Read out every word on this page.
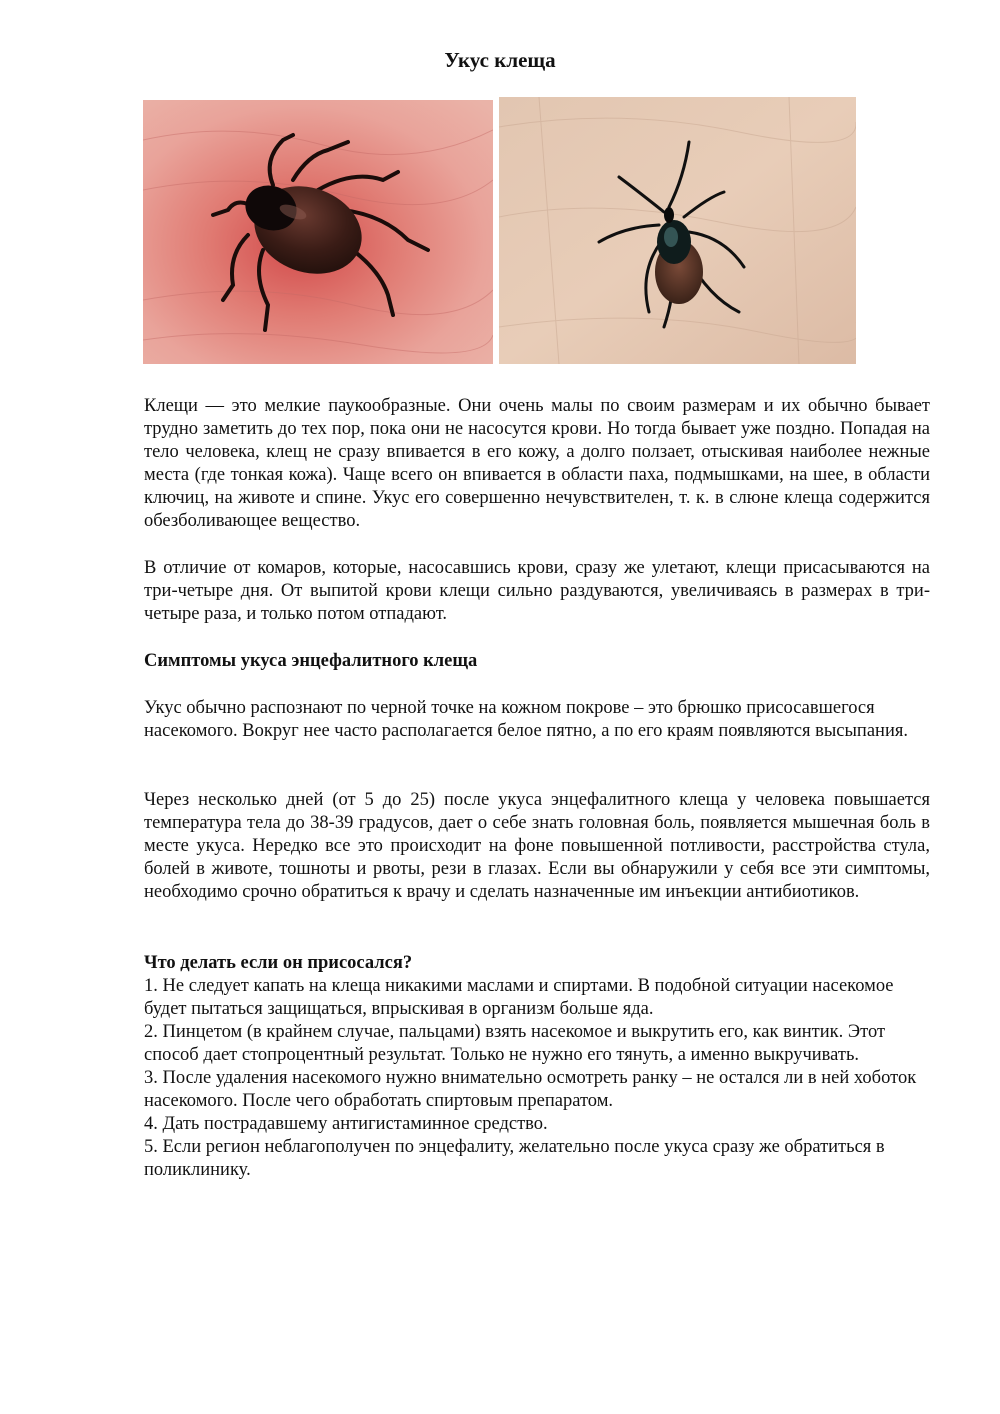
Укус клеща

Клещи — это мелкие паукообразные. Они очень малы по своим размерам и их обычно бывает трудно заметить до тех пор, пока они не насосутся крови. Но тогда бывает уже поздно. Попадая на тело человека, клещ не сразу впивается в его кожу, а долго ползает, отыскивая наиболее нежные места (где тонкая кожа). Чаще всего он впивается в области паха, подмышками, на шее, в области ключиц, на животе и спине. Укус его совершенно нечувствителен, т. к. в слюне клеща содержится обезболивающее вещество.

В отличие от комаров, которые, насосавшись крови, сразу же улетают, клещи присасываются на три-четыре дня. От выпитой крови клещи сильно раздуваются, увеличиваясь в размерах в три-четыре раза, и только потом отпадают.

Симптомы укуса энцефалитного клеща

Укус обычно распознают по черной точке на кожном покрове – это брюшко присосавшегося насекомого. Вокруг нее часто располагается белое пятно, а по его краям появляются высыпания.

Через несколько дней (от 5 до 25) после укуса энцефалитного клеща у человека повышается температура тела до 38-39 градусов, дает о себе знать головная боль, появляется мышечная боль в месте укуса. Нередко все это происходит на фоне повышенной потливости, расстройства стула, болей в животе, тошноты и рвоты, рези в глазах. Если вы обнаружили у себя все эти симптомы, необходимо срочно обратиться к врачу и сделать назначенные им инъекции антибиотиков.

Что делать если он присосался?

1. Не следует капать на клеща никакими маслами и спиртами. В подобной ситуации насекомое будет пытаться защищаться, впрыскивая в организм больше яда.

2. Пинцетом (в крайнем случае, пальцами) взять насекомое и выкрутить его, как винтик. Этот способ дает стопроцентный результат. Только не нужно его тянуть, а именно выкручивать.

3. После удаления насекомого нужно внимательно осмотреть ранку – не остался ли в ней хоботок насекомого. После чего обработать спиртовым препаратом.

4. Дать пострадавшему антигистаминное средство.

5. Если регион неблагополучен по энцефалиту, желательно после укуса сразу же обратиться в поликлинику.
